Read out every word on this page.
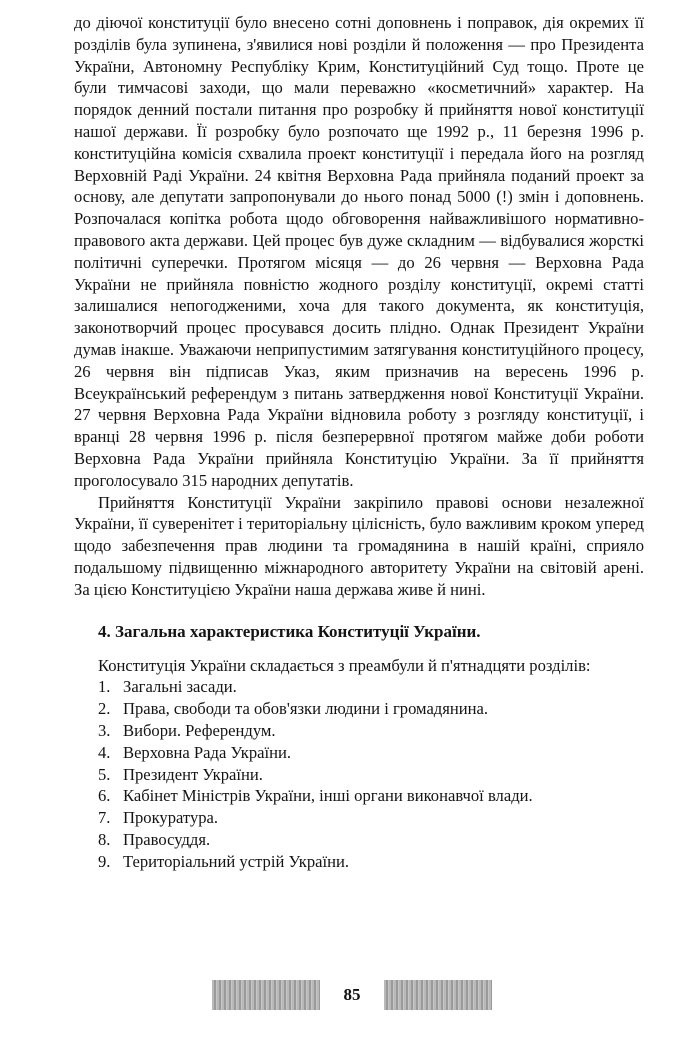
до діючої конституції було внесено сотні доповнень і поправок, дія окремих її розділів була зупинена, з'явилися нові розділи й положення — про Президента України, Автономну Республіку Крим, Конституційний Суд тощо. Проте це були тимчасові заходи, що мали переважно «косметичний» характер. На порядок денний постали питання про розробку й прийняття нової конституції нашої держави. Її розробку було розпочато ще 1992 р., 11 березня 1996 р. конституційна комісія схвалила проект конституції і передала його на розгляд Верховній Раді України. 24 квітня Верховна Рада прийняла поданий проект за основу, але депутати запропонували до нього понад 5000 (!) змін і доповнень. Розпочалася копітка робота щодо обговорення найважливішого нормативно-правового акта держави. Цей процес був дуже складним — відбувалися жорсткі політичні суперечки. Протягом місяця — до 26 червня — Верховна Рада України не прийняла повністю жодного розділу конституції, окремі статті залишалися непогодженими, хоча для такого документа, як конституція, законотворчий процес просувався досить плідно. Однак Президент України думав інакше. Уважаючи неприпустимим затягування конституційного процесу, 26 червня він підписав Указ, яким призначив на вересень 1996 р. Всеукраїнський референдум з питань затвердження нової Конституції України. 27 червня Верховна Рада України відновила роботу з розгляду конституції, і вранці 28 червня 1996 р. після безперервної протягом майже доби роботи Верховна Рада України прийняла Конституцію України. За її прийняття проголосувало 315 народних депутатів.

Прийняття Конституції України закріпило правові основи незалежної України, її суверенітет і територіальну цілісність, було важливим кроком уперед щодо забезпечення прав людини та громадянина в нашій країні, сприяло подальшому підвищенню міжнародного авторитету України на світовій арені. За цією Конституцією України наша держава живе й нині.

4. Загальна характеристика Конституції України.

Конституція України складається з преамбули й п'ятнадцяти розділів:

1. Загальні засади.
2. Права, свободи та обов'язки людини і громадянина.
3. Вибори. Референдум.
4. Верховна Рада України.
5. Президент України.
6. Кабінет Міністрів України, інші органи виконавчої влади.
7. Прокуратура.
8. Правосуддя.
9. Територіальний устрій України.
85
